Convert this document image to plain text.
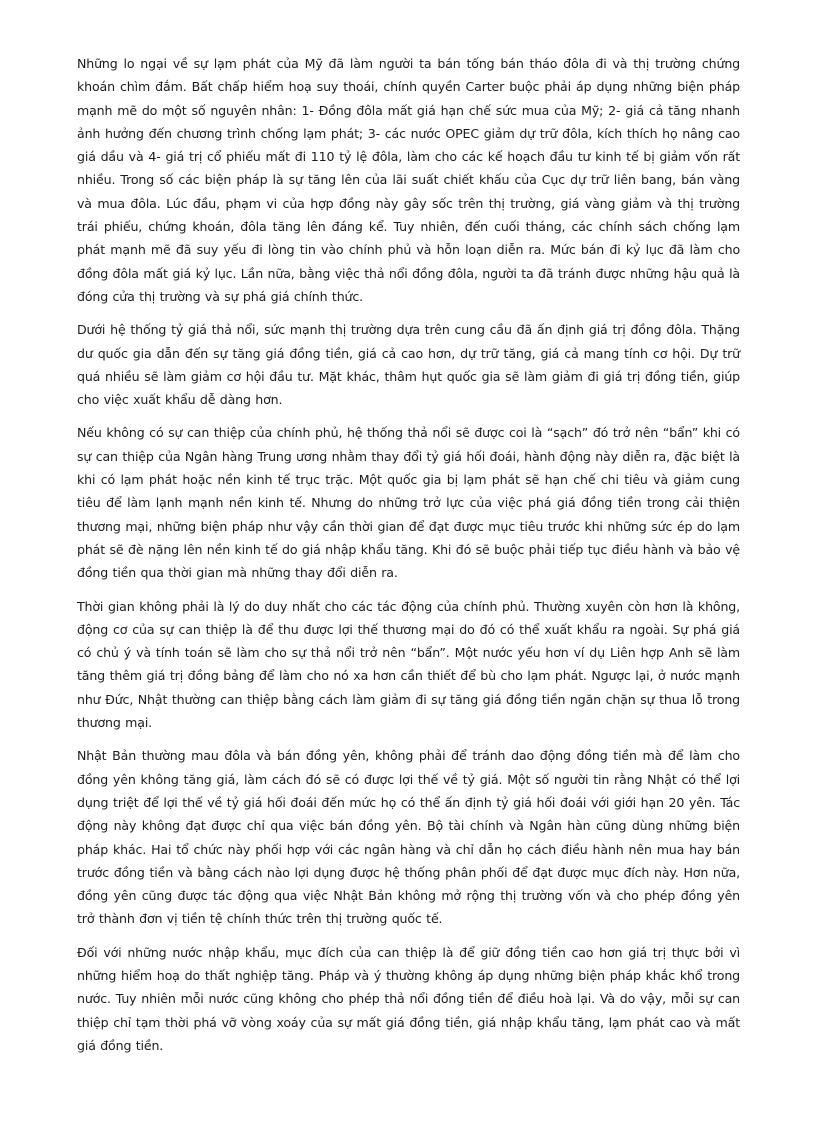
Những lo ngại về sự lạm phát của Mỹ đã làm người ta bán tống bán tháo đôla đi và thị trường chứng khoán chìm đắm. Bất chấp hiểm hoạ suy thoái, chính quyền Carter buộc phải áp dụng những biện pháp mạnh mẽ do một số nguyên nhân: 1- Đồng đôla mất giá hạn chế sức mua của Mỹ; 2- giá cả tăng nhanh ảnh hưởng đến chương trình chống lạm phát; 3- các nước OPEC giảm dự trữ đôla, kích thích họ nâng cao giá dầu và 4- giá trị cổ phiếu mất đi 110 tỷ lệ đôla, làm cho các kế hoạch đầu tư kinh tế bị giảm vốn rất nhiều. Trong số các biện pháp là sự tăng lên của lãi suất chiết khấu của Cục dự trữ liên bang, bán vàng và mua đôla. Lúc đầu, phạm vi của hợp đồng này gây sốc trên thị trường, giá vàng giảm và thị trường trái phiếu, chứng khoán, đôla tăng lên đáng kể. Tuy nhiên, đến cuối tháng, các chính sách chống lạm phát mạnh mẽ đã suy yếu đi lòng tin vào chính phủ và hỗn loạn diễn ra. Mức bán đi kỷ lục đã làm cho đồng đôla mất giá kỷ lục. Lần nữa, bằng việc thả nổi đồng đôla, người ta đã tránh được những hậu quả là đóng cửa thị trường và sự phá giá chính thức.

Dưới hệ thống tỷ giá thả nổi, sức mạnh thị trường dựa trên cung cầu đã ấn định giá trị đồng đôla. Thặng dư quốc gia dẫn đến sự tăng giá đồng tiền, giá cả cao hơn, dự trữ tăng, giá cả mang tính cơ hội. Dự trữ quá nhiều sẽ làm giảm cơ hội đầu tư. Mặt khác, thâm hụt quốc gia sẽ làm giảm đi giá trị đồng tiền, giúp cho việc xuất khẩu dễ dàng hơn.

Nếu không có sự can thiệp của chính phủ, hệ thống thả nổi sẽ được coi là “sạch” đó trở nên “bẩn” khi có sự can thiệp của Ngân hàng Trung ương nhằm thay đổi tỷ giá hối đoái, hành động này diễn ra, đặc biệt là khi có lạm phát hoặc nền kinh tế trục trặc. Một quốc gia bị lạm phát sẽ hạn chế chi tiêu và giảm cung tiêu để làm lạnh mạnh nền kinh tế. Nhưng do những trở lực của việc phá giá đồng tiền trong cải thiện thương mại, những biện pháp như vậy cần thời gian để đạt được mục tiêu trước khi những sức ép do lạm phát sẽ đè nặng lên nền kinh tế do giá nhập khẩu tăng. Khi đó sẽ buộc phải tiếp tục điều hành và bảo vệ đồng tiền qua thời gian mà những thay đổi diễn ra.

Thời gian không phải là lý do duy nhất cho các tác động của chính phủ. Thường xuyên còn hơn là không, động cơ của sự can thiệp là để thu được lợi thế thương mại do đó có thể xuất khẩu ra ngoài. Sự phá giá có chủ ý và tính toán sẽ làm cho sự thả nổi trở nên “bẩn”. Một nước yếu hơn ví dụ Liên hợp Anh sẽ làm tăng thêm giá trị đồng bảng để làm cho nó xa hơn cần thiết để bù cho lạm phát. Ngược lại, ở nước mạnh như Đức, Nhật thường can thiệp bằng cách làm giảm đi sự tăng giá đồng tiền ngăn chặn sự thua lỗ trong thương mại.

Nhật Bản thường mau đôla và bán đồng yên, không phải để tránh dao động đồng tiền mà để làm cho đồng yên không tăng giá, làm cách đó sẽ có được lợi thế về tỷ giá. Một số người tin rằng Nhật có thể lợi dụng triệt để lợi thế về tỷ giá hối đoái đến mức họ có thể ấn định tỷ giá hối đoái với giới hạn 20 yên. Tác động này không đạt được chỉ qua việc bán đồng yên. Bộ tài chính và Ngân hàn cũng dùng những biện pháp khác. Hai tổ chức này phối hợp với các ngân hàng và chỉ dẫn họ cách điều hành nên mua hay bán trước đồng tiền và bằng cách nào lợi dụng được hệ thống phân phối để đạt được mục đích này. Hơn nữa, đồng yên cũng được tác động qua việc Nhật Bản không mở rộng thị trường vốn và cho phép đồng yên trở thành đơn vị tiền tệ chính thức trên thị trường quốc tế.

Đối với những nước nhập khẩu, mục đích của can thiệp là để giữ đồng tiền cao hơn giá trị thực bởi vì những hiểm hoạ do thất nghiệp tăng. Pháp và ý thường không áp dụng những biện pháp khắc khổ trong nước. Tuy nhiên mỗi nước cũng không cho phép thả nổi đồng tiền để điều hoà lại. Và do vậy, mỗi sự can thiệp chỉ tạm thời phá vỡ vòng xoáy của sự mất giá đồng tiền, giá nhập khẩu tăng, lạm phát cao và mất giá đồng tiền.
